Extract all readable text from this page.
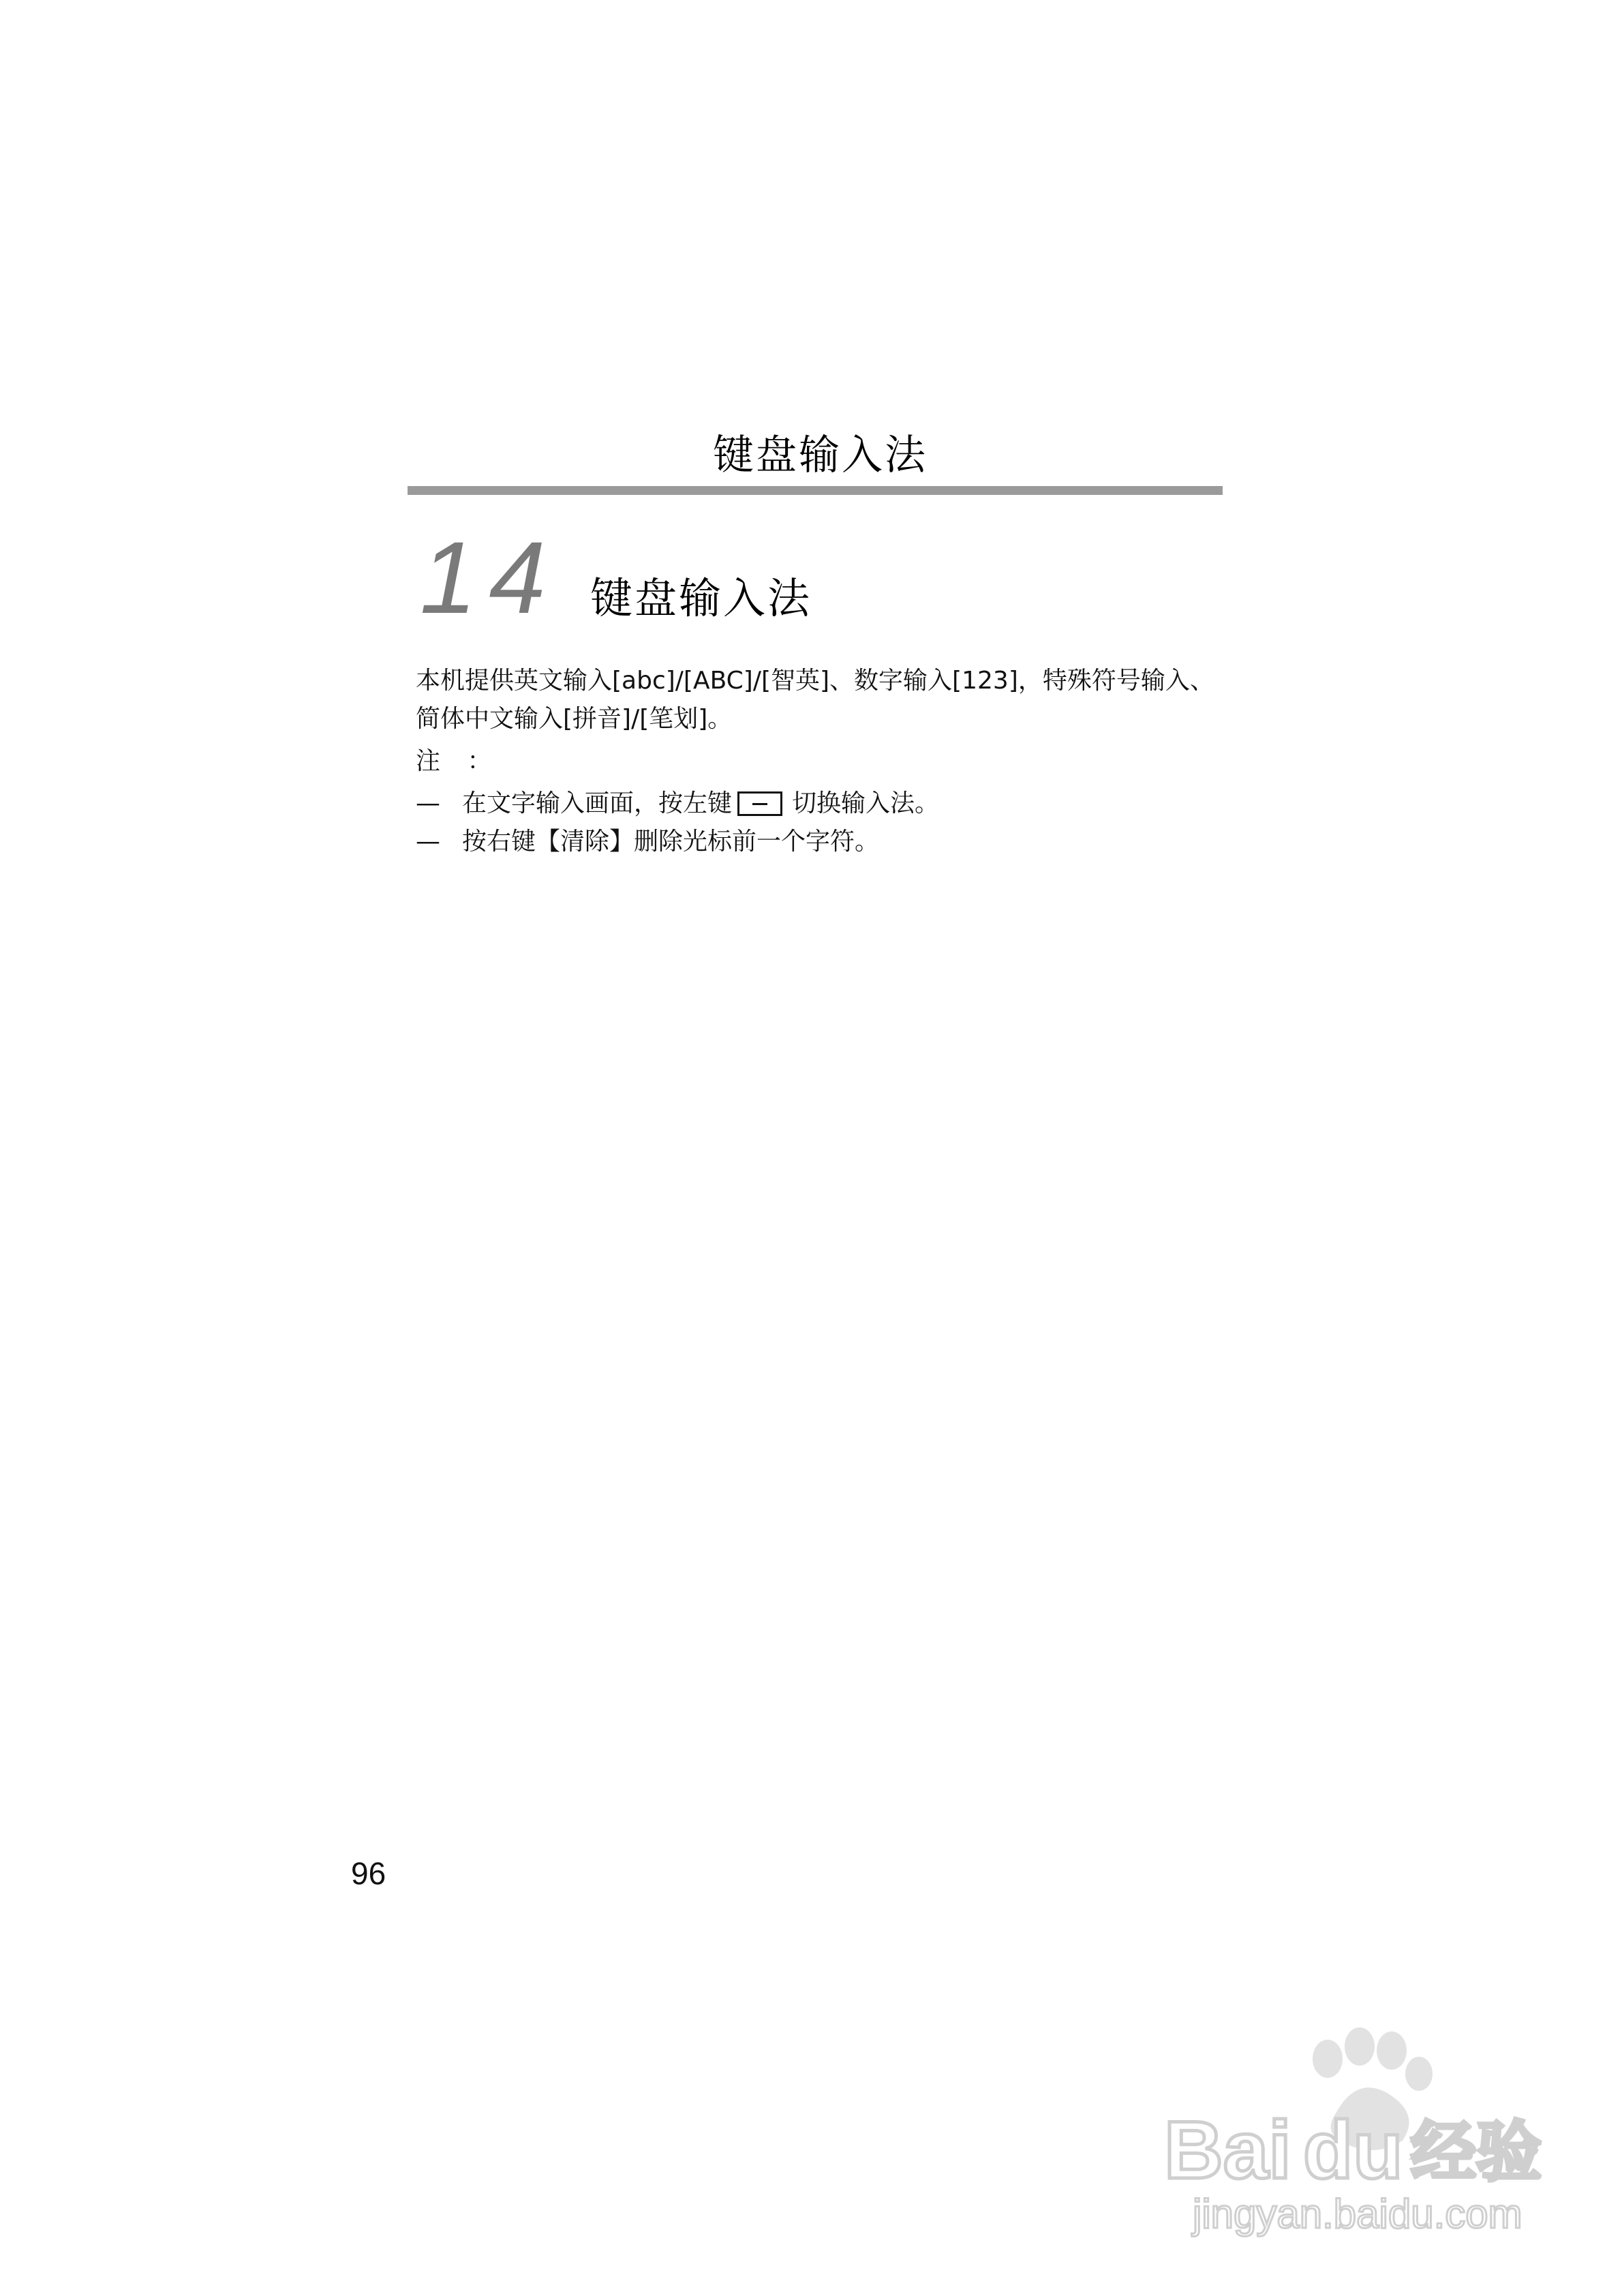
键盘输入法
14 键盘输入法
本机提供英文输入[abc]/[ABC]/[智英]、数字输入[123]，特殊符号输入、
简体中文输入[拼音]/[笔划]。
注 ：
— 在文字输入画面，按左键 切换输入法。
— 按右键【清除】删除光标前一个字符。
96
Bai du 经验
jingyan.baidu.com
